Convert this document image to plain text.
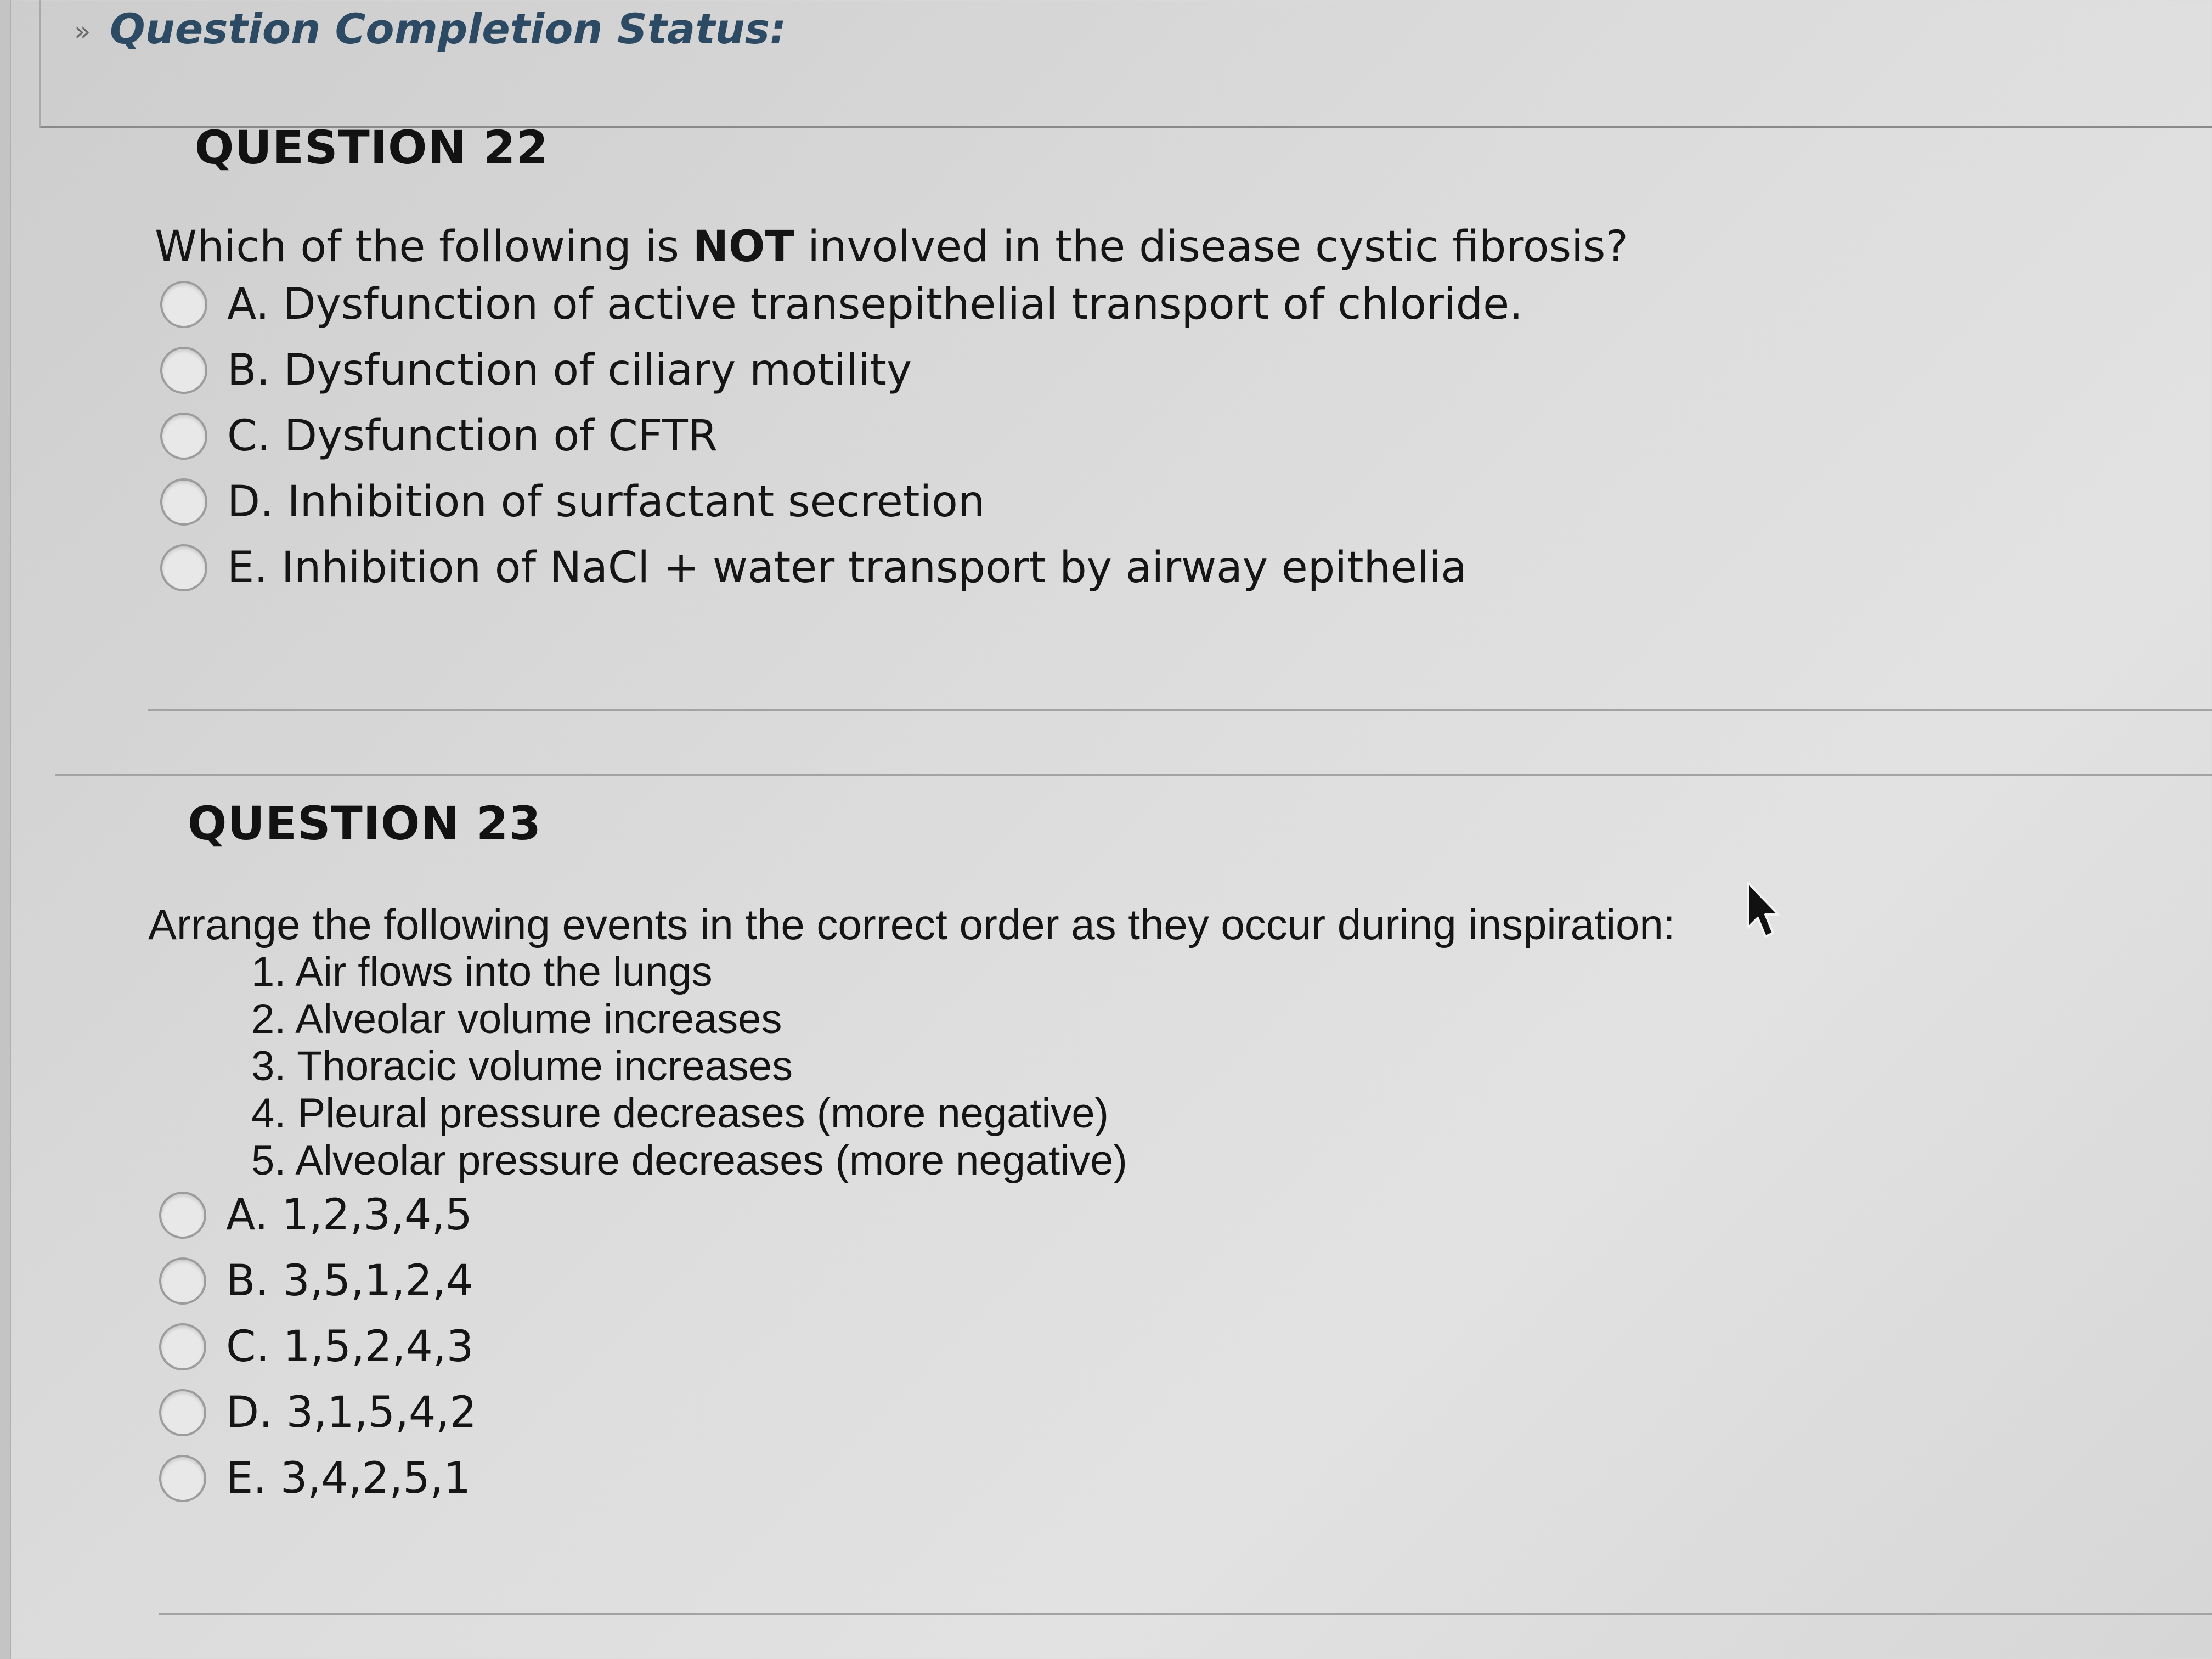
» Question Completion Status:
QUESTION 22
Which of the following is NOT involved in the disease cystic fibrosis?
A. Dysfunction of active transepithelial transport of chloride.
B. Dysfunction of ciliary motility
C. Dysfunction of CFTR
D. Inhibition of surfactant secretion
E. Inhibition of NaCl + water transport by airway epithelia
QUESTION 23
Arrange the following events in the correct order as they occur during inspiration:
1. Air flows into the lungs
2. Alveolar volume increases
3. Thoracic volume increases
4. Pleural pressure decreases (more negative)
5. Alveolar pressure decreases (more negative)
A. 1,2,3,4,5
B. 3,5,1,2,4
C. 1,5,2,4,3
D. 3,1,5,4,2
E. 3,4,2,5,1
